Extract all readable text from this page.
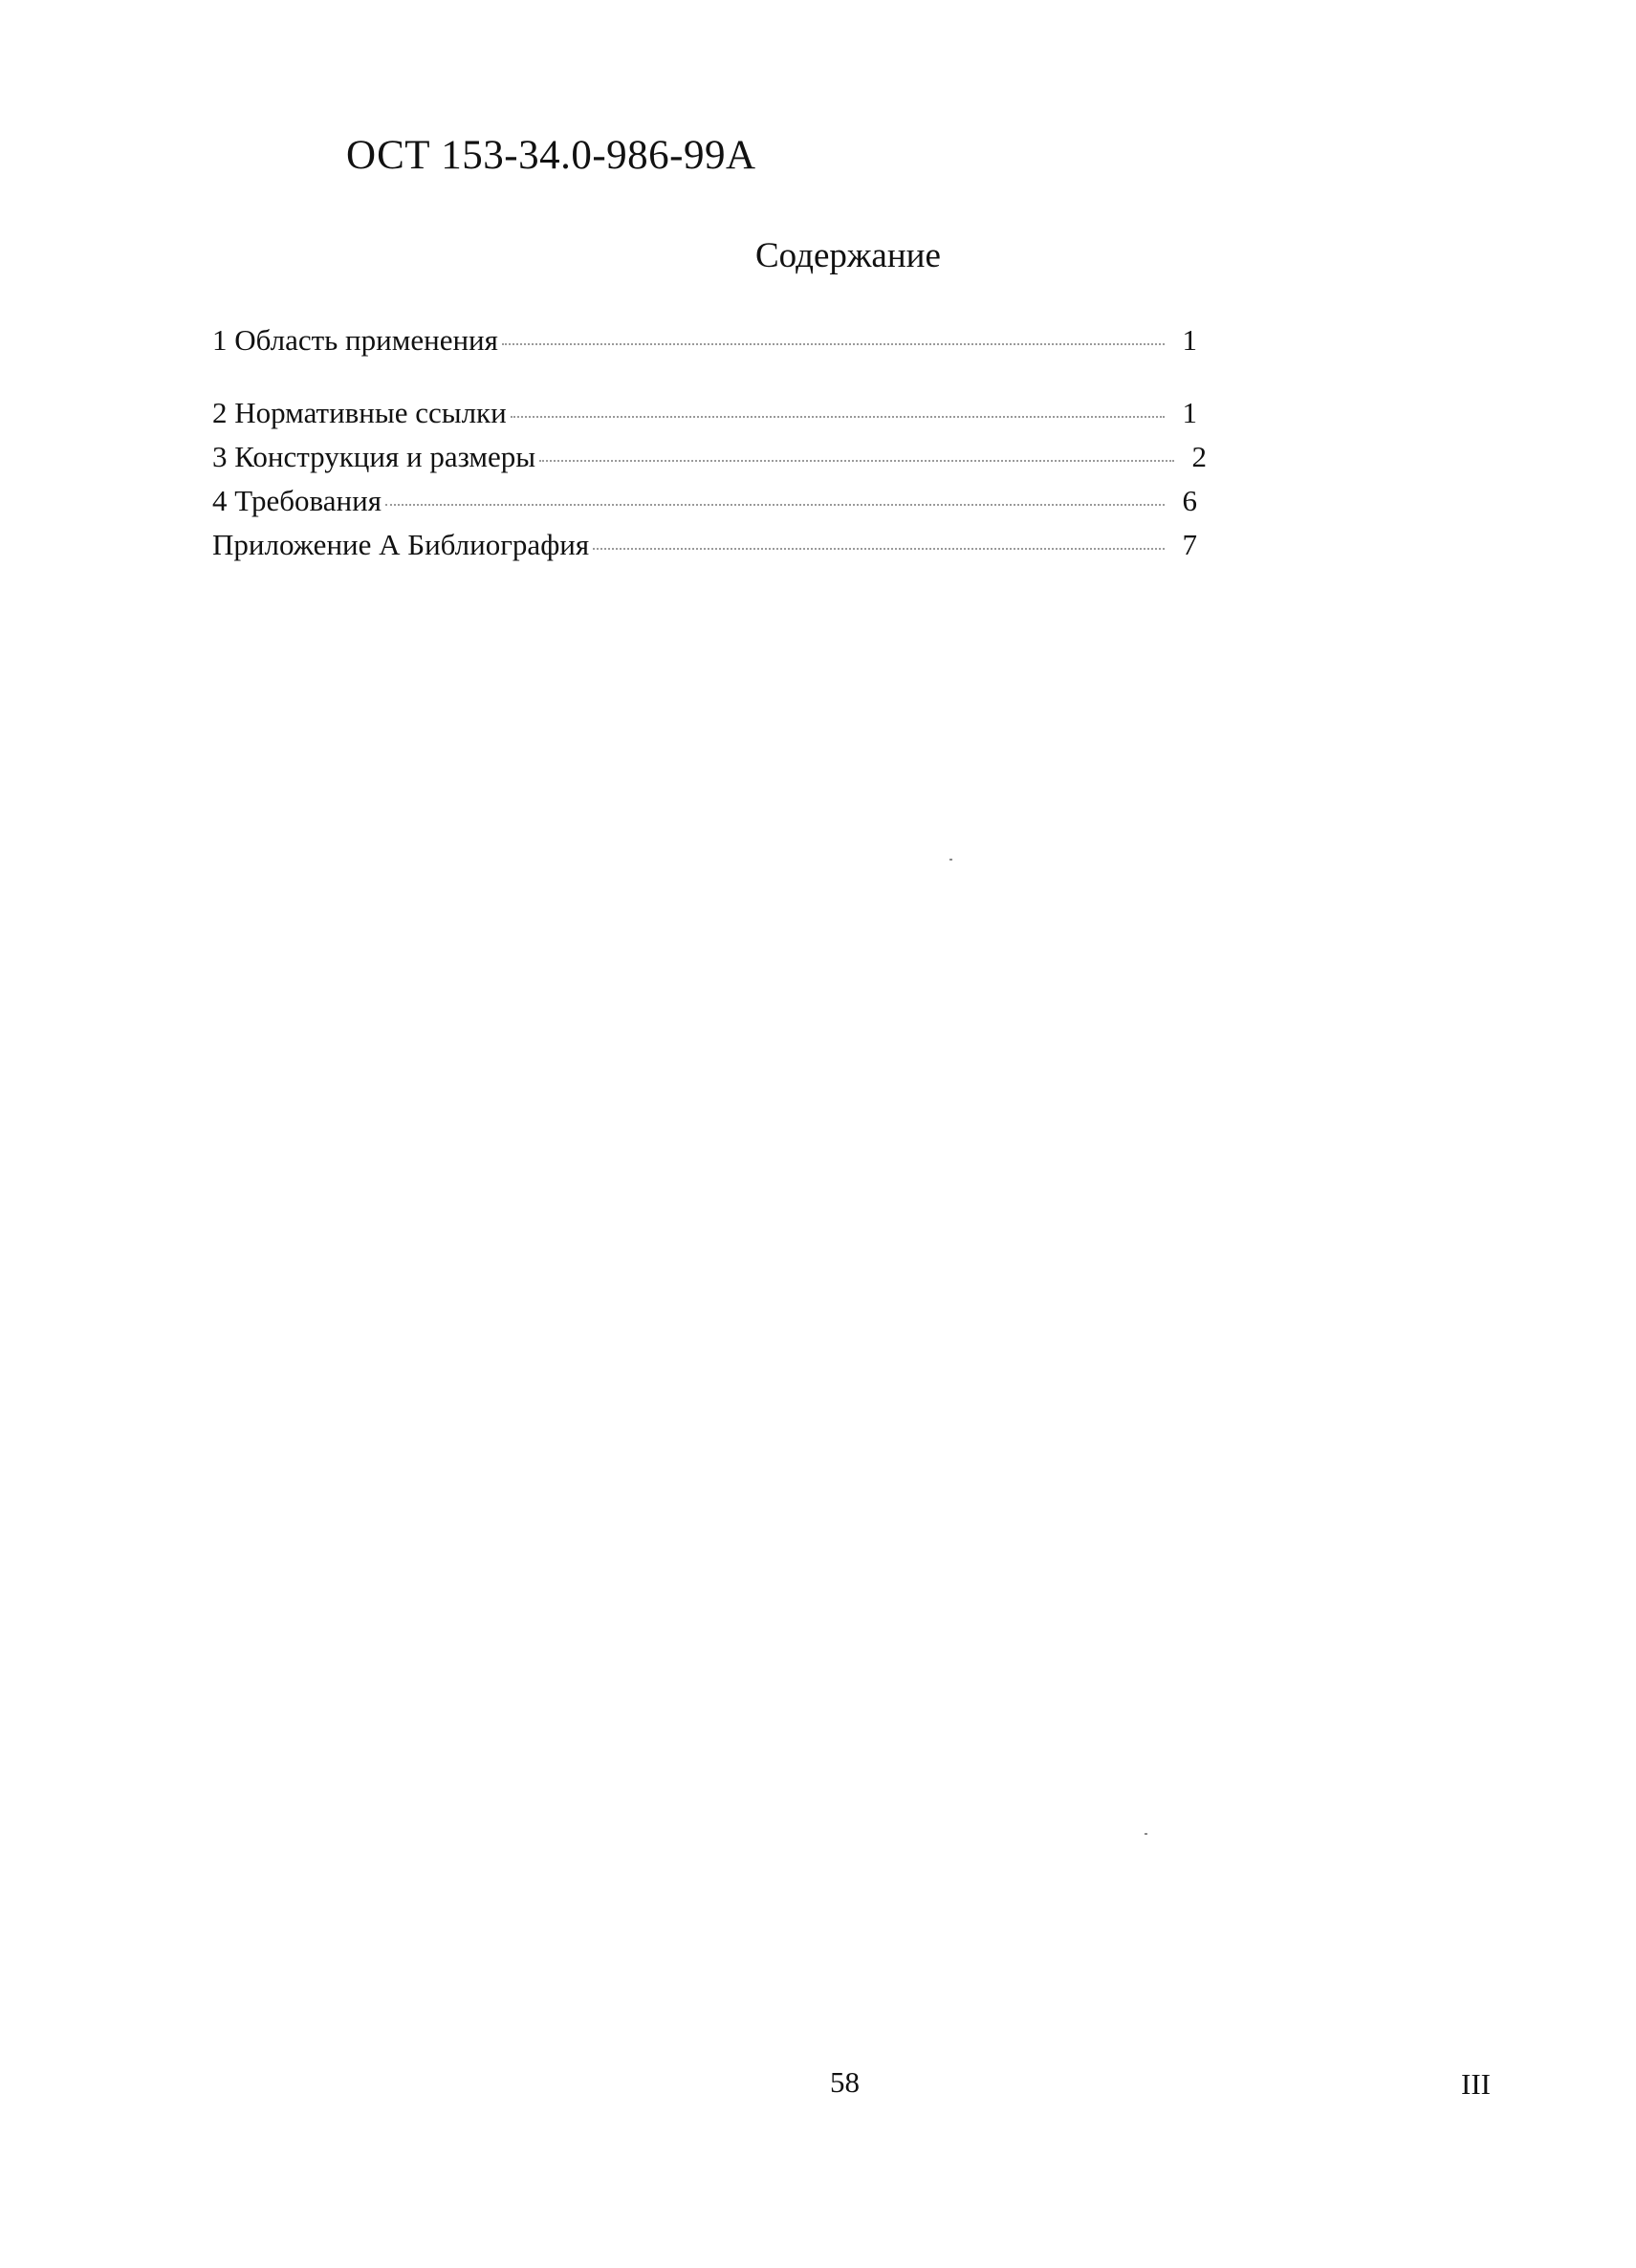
ОСТ 153-34.0-986-99А
Содержание
1 Область применения	1
2 Нормативные ссылки	1
3 Конструкция и размеры	2
4 Требования	6
Приложение А Библиография	7
58	III
